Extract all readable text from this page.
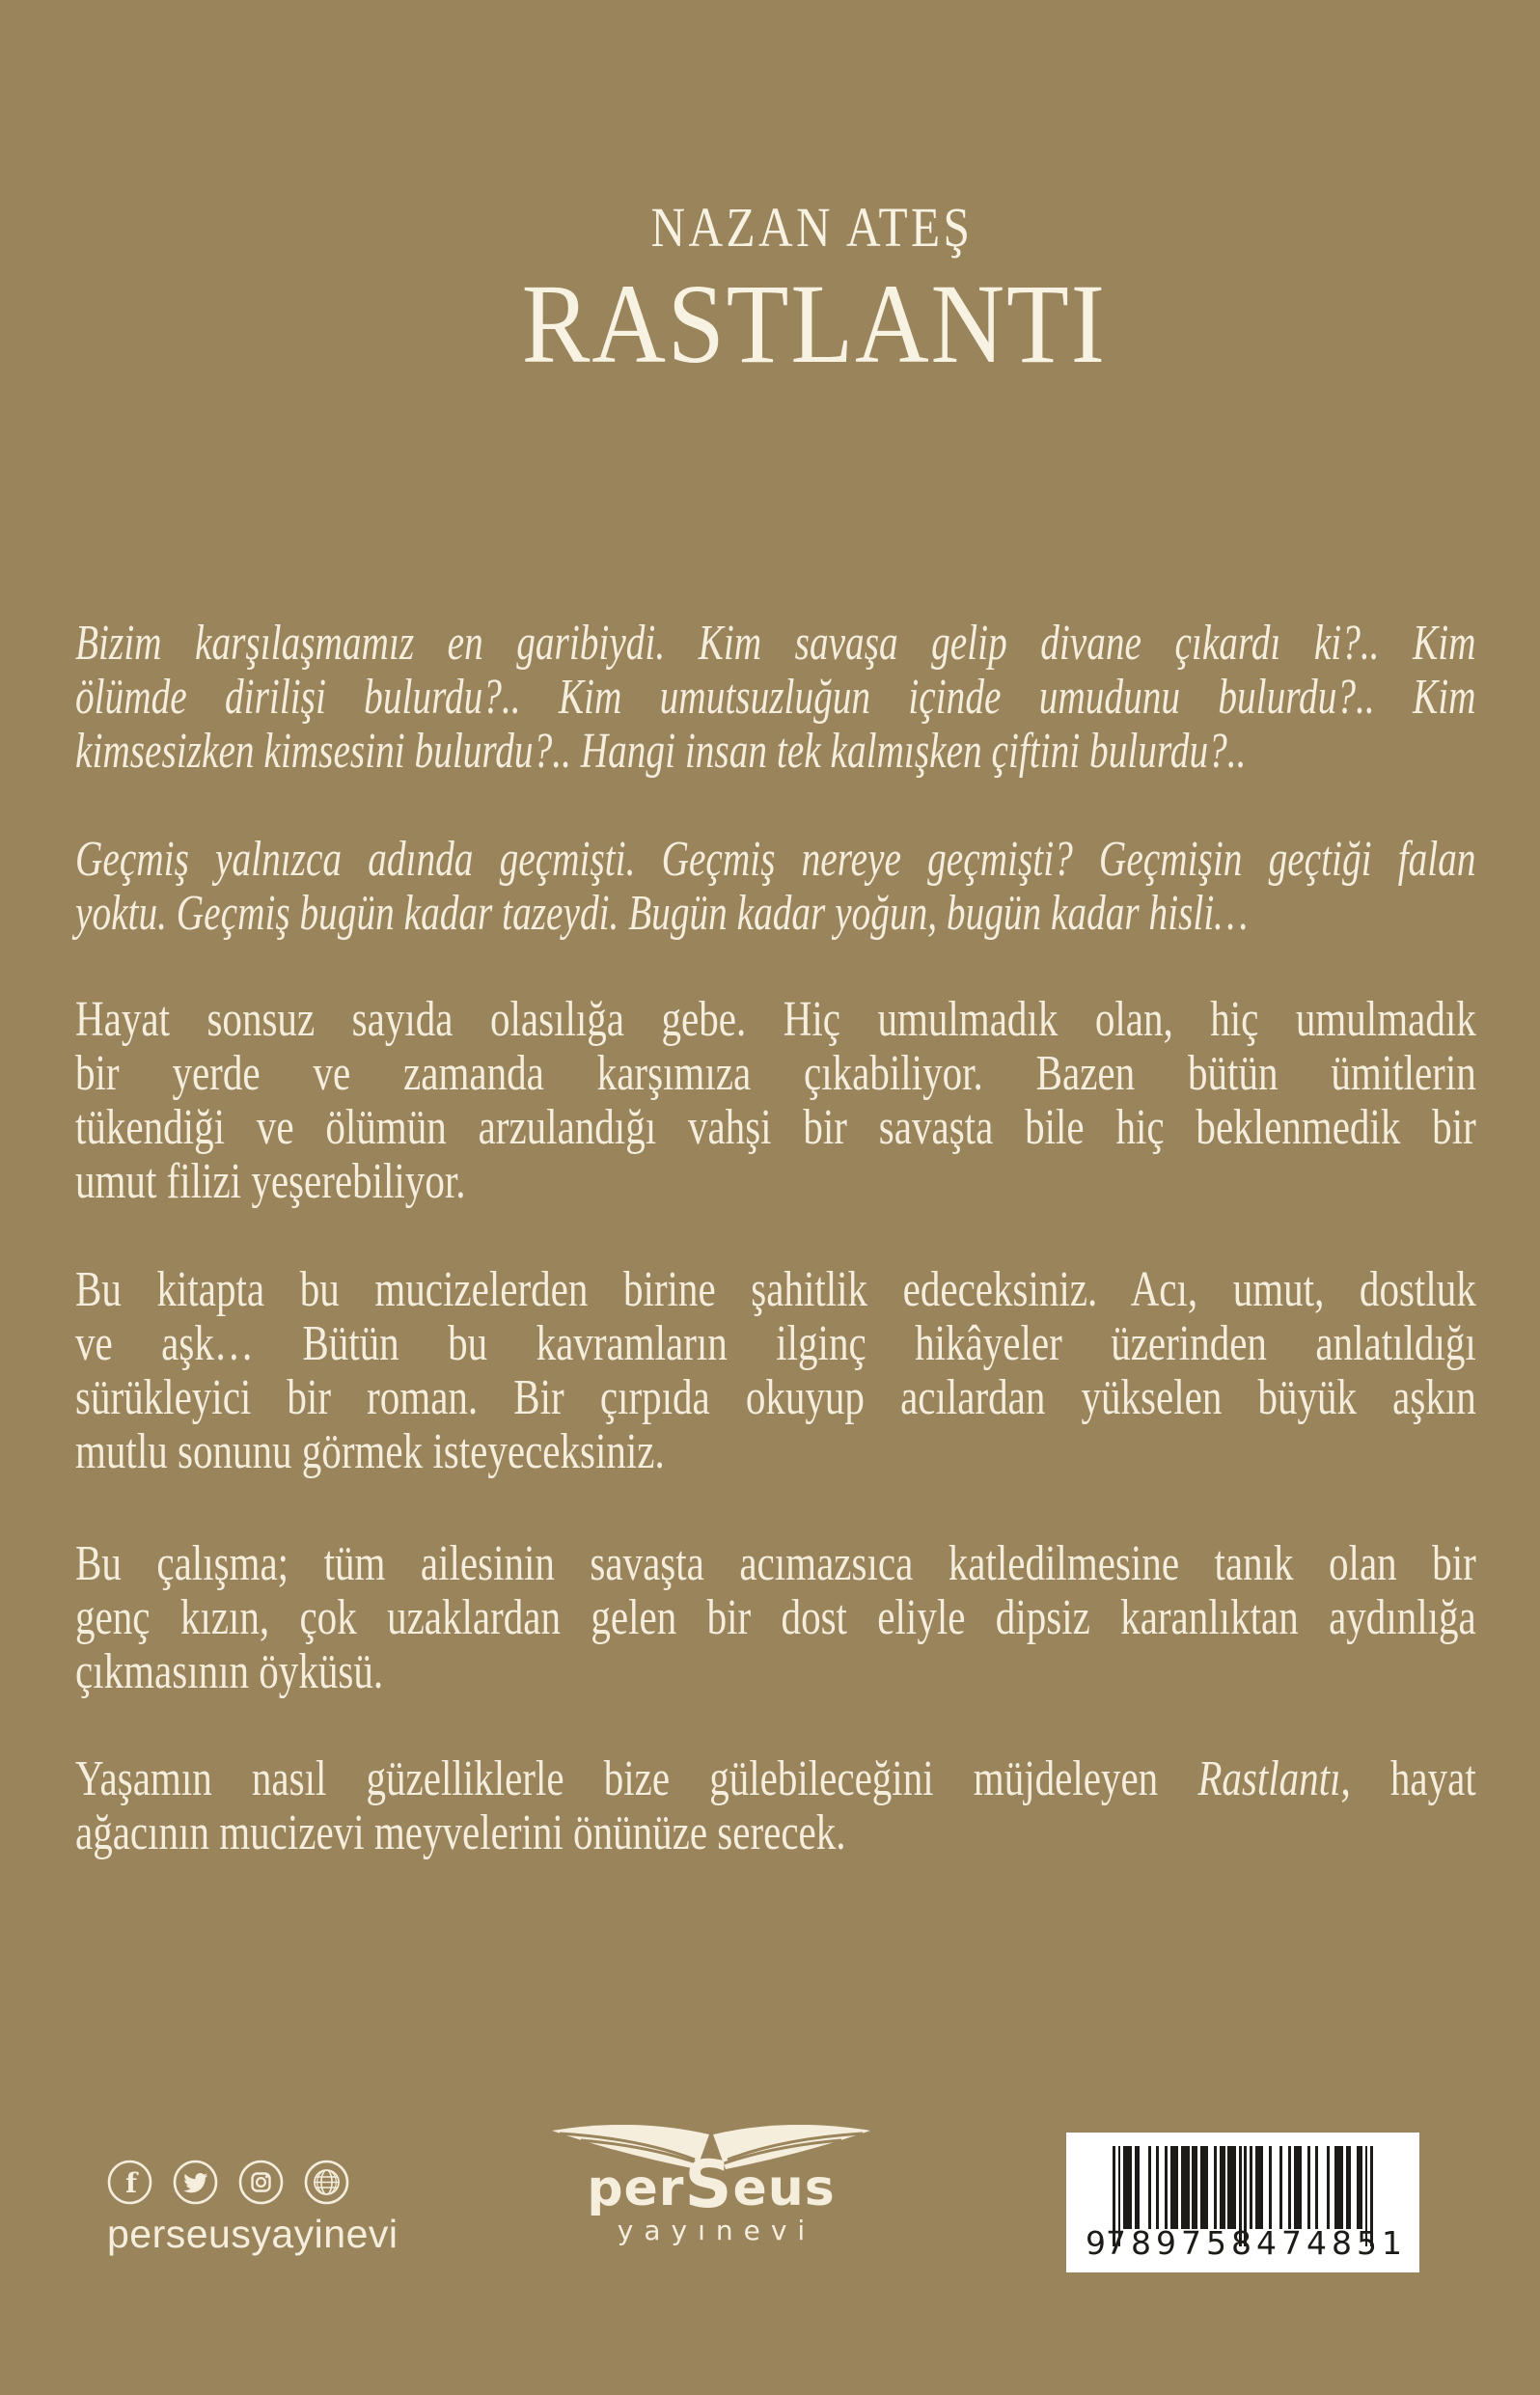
NAZAN ATEŞ
RASTLANTI
Bizim karşılaşmamız en garibiydi. Kim savaşa gelip divane çıkardı ki?.. Kim
ölümde dirilişi bulurdu?.. Kim umutsuzluğun içinde umudunu bulurdu?.. Kim
kimsesizken kimsesini bulurdu?.. Hangi insan tek kalmışken çiftini bulurdu?..
Geçmiş yalnızca adında geçmişti. Geçmiş nereye geçmişti? Geçmişin geçtiği falan
yoktu. Geçmiş bugün kadar tazeydi. Bugün kadar yoğun, bugün kadar hisli…
Hayat sonsuz sayıda olasılığa gebe. Hiç umulmadık olan, hiç umulmadık
bir yerde ve zamanda karşımıza çıkabiliyor. Bazen bütün ümitlerin
tükendiği ve ölümün arzulandığı vahşi bir savaşta bile hiç beklenmedik bir
umut filizi yeşerebiliyor.
Bu kitapta bu mucizelerden birine şahitlik edeceksiniz. Acı, umut, dostluk
ve aşk… Bütün bu kavramların ilginç hikâyeler üzerinden anlatıldığı
sürükleyici bir roman. Bir çırpıda okuyup acılardan yükselen büyük aşkın
mutlu sonunu görmek isteyeceksiniz.
Bu çalışma; tüm ailesinin savaşta acımazsıca katledilmesine tanık olan bir
genç kızın, çok uzaklardan gelen bir dost eliyle dipsiz karanlıktan aydınlığa
çıkmasının öyküsü.
Yaşamın nasıl güzelliklerle bize gülebileceğini müjdeleyen Rastlantı, hayat
ağacının mucizevi meyvelerini önünüze serecek.
f
perseusyayinevi
perSeus
yayınevi	9 789758 474851
